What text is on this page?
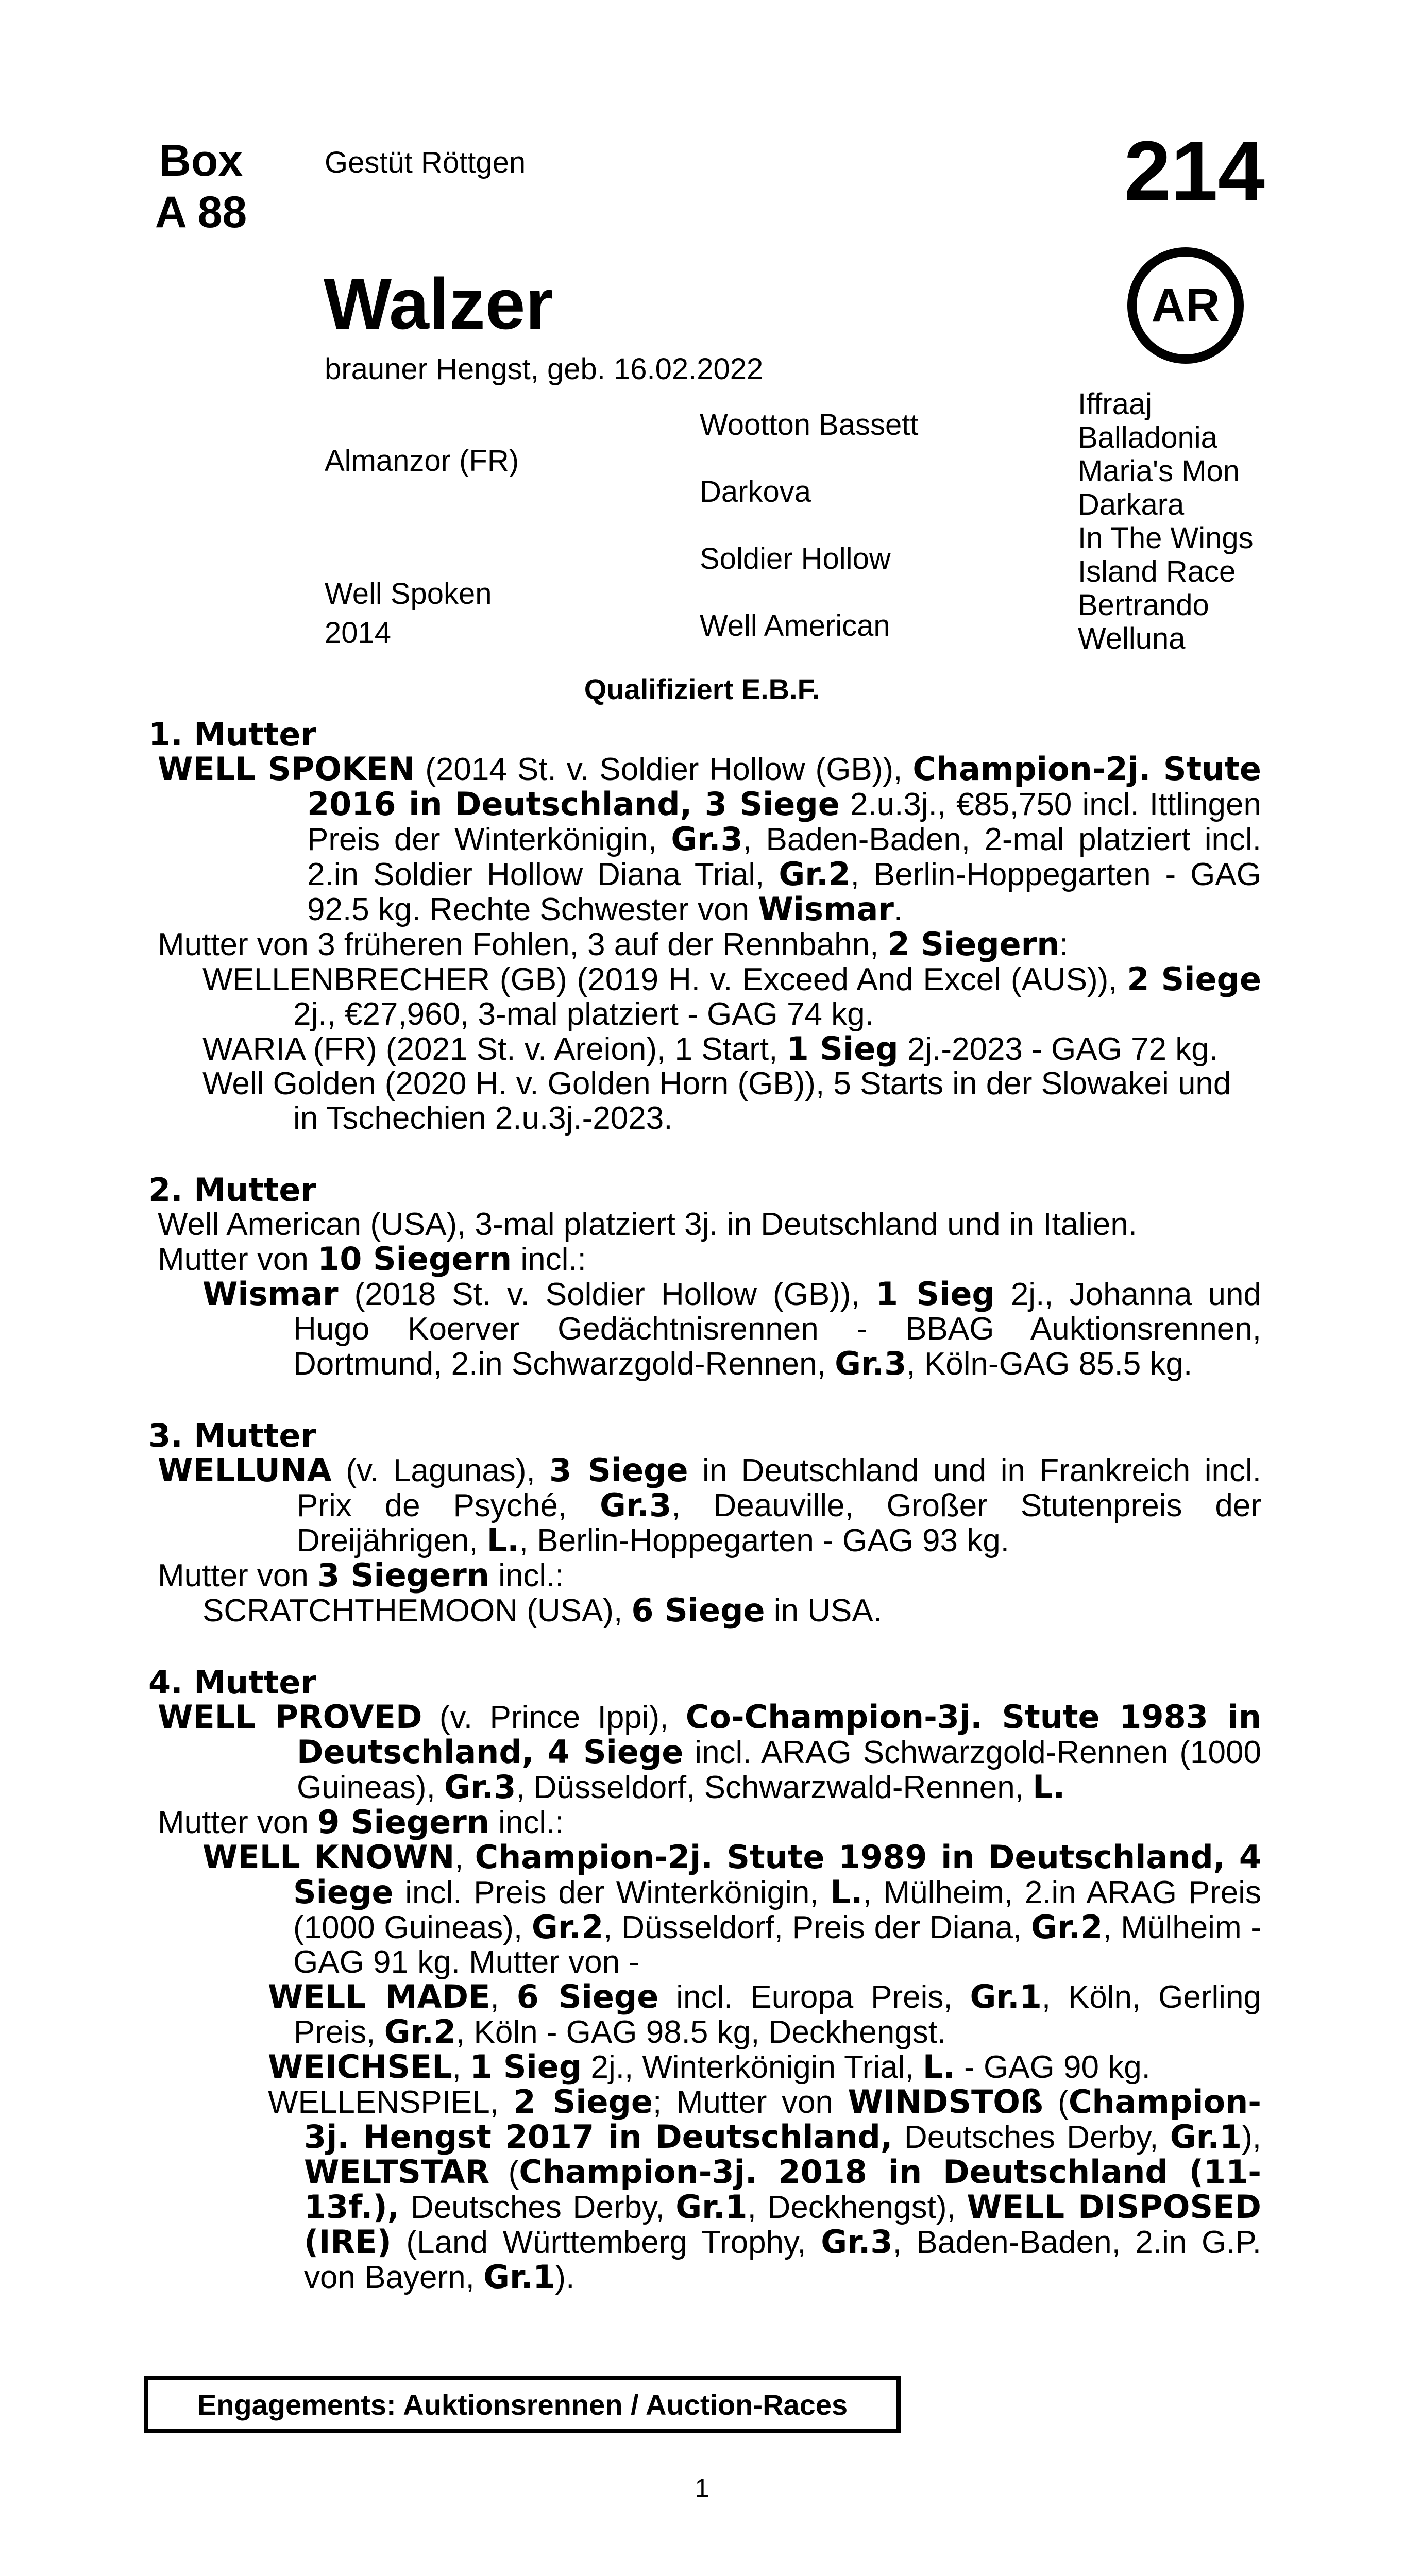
Box
A 88
Gestüt Röttgen	214
Walzer	AR
brauner Hengst, geb. 16.02.2022
Almanzor (FR)
Well Spoken
2014
Wootton Bassett
Darkova
Soldier Hollow
Well American
Iffraaj
Balladonia
Maria's Mon
Darkara
In The Wings
Island Race
Bertrando
Welluna
Qualifiziert E.B.F.

1. Mutter

WELL SPOKEN (2014 St. v. Soldier Hollow (GB)), Champion-2j. Stute 2016 in Deutschland, 3 Siege 2.u.3j., €85,750 incl. Ittlingen Preis der Winterkönigin, Gr.3, Baden-Baden, 2-mal platziert incl. 2.in Soldier Hollow Diana Trial, Gr.2, Berlin-Hoppegarten - GAG 92.5 kg. Rechte Schwester von Wismar.

Mutter von 3 früheren Fohlen, 3 auf der Rennbahn, 2 Siegern:

WELLENBRECHER (GB) (2019 H. v. Exceed And Excel (AUS)), 2 Siege 2j., €27,960, 3-mal platziert - GAG 74 kg.

WARIA (FR) (2021 St. v. Areion), 1 Start, 1 Sieg 2j.-2023 - GAG 72 kg.

Well Golden (2020 H. v. Golden Horn (GB)), 5 Starts in der Slowakei und in Tschechien 2.u.3j.-2023.

2. Mutter

Well American (USA), 3-mal platziert 3j. in Deutschland und in Italien.

Mutter von 10 Siegern incl.:

Wismar (2018 St. v. Soldier Hollow (GB)), 1 Sieg 2j., Johanna und Hugo Koerver Gedächtnisrennen - BBAG Auktionsrennen, Dortmund, 2.in Schwarzgold-Rennen, Gr.3, Köln-GAG 85.5 kg.

3. Mutter

WELLUNA (v. Lagunas), 3 Siege in Deutschland und in Frankreich incl. Prix de Psyché, Gr.3, Deauville, Großer Stutenpreis der Dreijährigen, L., Berlin-Hoppegarten - GAG 93 kg.

Mutter von 3 Siegern incl.:

SCRATCHTHEMOON (USA), 6 Siege in USA.

4. Mutter

WELL PROVED (v. Prince Ippi), Co-Champion-3j. Stute 1983 in Deutschland, 4 Siege incl. ARAG Schwarzgold-Rennen (1000 Guineas), Gr.3, Düsseldorf, Schwarzwald-Rennen, L.

Mutter von 9 Siegern incl.:

WELL KNOWN, Champion-2j. Stute 1989 in Deutschland, 4 Siege incl. Preis der Winterkönigin, L., Mülheim, 2.in ARAG Preis (1000 Guineas), Gr.2, Düsseldorf, Preis der Diana, Gr.2, Mülheim - GAG 91 kg. Mutter von -

WELL MADE, 6 Siege incl. Europa Preis, Gr.1, Köln, Gerling Preis, Gr.2, Köln - GAG 98.5 kg, Deckhengst.

WEICHSEL, 1 Sieg 2j., Winterkönigin Trial, L. - GAG 90 kg.

WELLENSPIEL, 2 Siege; Mutter von WINDSTOß (Champion-3j. Hengst 2017 in Deutschland, Deutsches Derby, Gr.1), WELTSTAR (Champion-3j. 2018 in Deutschland (11-13f.), Deutsches Derby, Gr.1, Deckhengst), WELL DISPOSED (IRE) (Land Württemberg Trophy, Gr.3, Baden-Baden, 2.in G.P. von Bayern, Gr.1).

Engagements: Auktionsrennen / Auction-Races
1
